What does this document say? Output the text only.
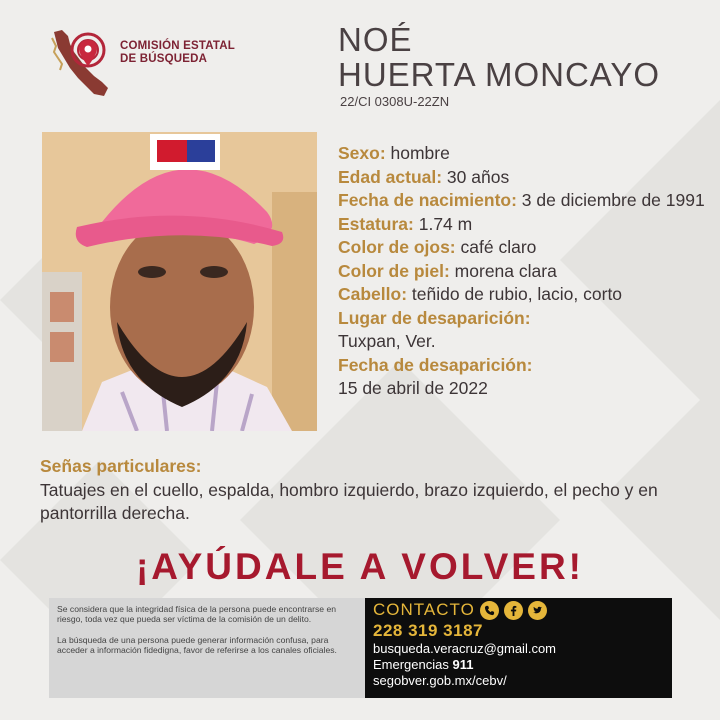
COMISIÓN ESTATAL
DE BÚSQUEDA
NOÉ
HUERTA MONCAYO
22/CI 0308U-22ZN
Sexo: hombre
Edad actual: 30 años
Fecha de nacimiento: 3 de diciembre de 1991
Estatura: 1.74 m
Color de ojos: café claro
Color de piel: morena clara
Cabello: teñido de rubio, lacio, corto
Lugar de desaparición:
Tuxpan, Ver.
Fecha de desaparición:
15 de abril de 2022
Señas particulares:
Tatuajes en el cuello, espalda, hombro izquierdo, brazo izquierdo, el pecho y en pantorrilla derecha.
¡AYÚDALE A VOLVER!

Se considera que la integridad física de la persona puede encontrarse en riesgo, toda vez que pueda ser víctima de la comisión de un delito.

La búsqueda de una persona puede generar información confusa, para acceder a información fidedigna, favor de referirse a los canales oficiales.

CONTACTO
228 319 3187
busqueda.veracruz@gmail.com
Emergencias 911
segobver.gob.mx/cebv/
